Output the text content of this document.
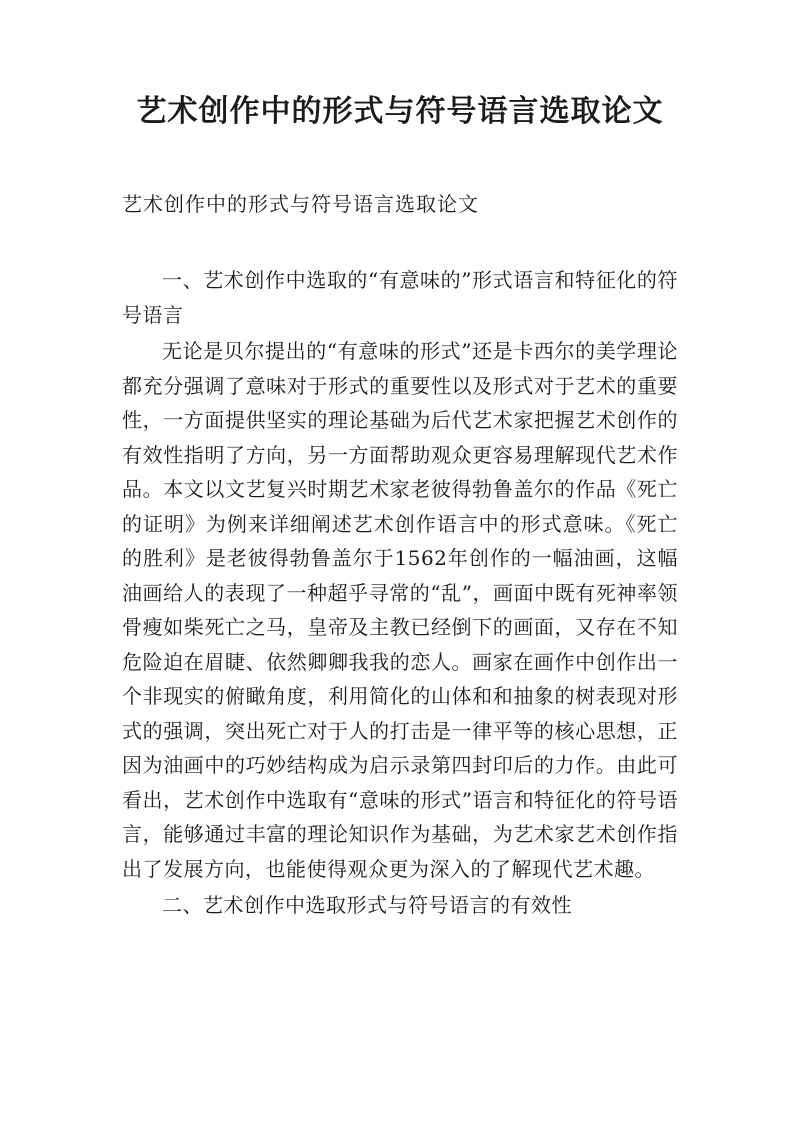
艺术创作中的形式与符号语言选取论文
艺术创作中的形式与符号语言选取论文

一、艺术创作中选取的“有意味的”形式语言和特征化的符号语言

无论是贝尔提出的“有意味的形式”还是卡西尔的美学理论都充分强调了意味对于形式的重要性以及形式对于艺术的重要性，一方面提供坚实的理论基础为后代艺术家把握艺术创作的有效性指明了方向，另一方面帮助观众更容易理解现代艺术作品。本文以文艺复兴时期艺术家老彼得勃鲁盖尔的作品《死亡的证明》为例来详细阐述艺术创作语言中的形式意味。《死亡的胜利》是老彼得勃鲁盖尔于1562年创作的一幅油画，这幅油画给人的表现了一种超乎寻常的“乱”，画面中既有死神率领骨瘦如柴死亡之马，皇帝及主教已经倒下的画面，又存在不知危险迫在眉睫、依然卿卿我我的恋人。画家在画作中创作出一个非现实的俯瞰角度，利用简化的山体和和抽象的树表现对形式的强调，突出死亡对于人的打击是一律平等的核心思想，正因为油画中的巧妙结构成为启示录第四封印后的力作。由此可看出，艺术创作中选取有“意味的形式”语言和特征化的符号语言，能够通过丰富的理论知识作为基础，为艺术家艺术创作指出了发展方向，也能使得观众更为深入的了解现代艺术趣。

二、艺术创作中选取形式与符号语言的有效性
